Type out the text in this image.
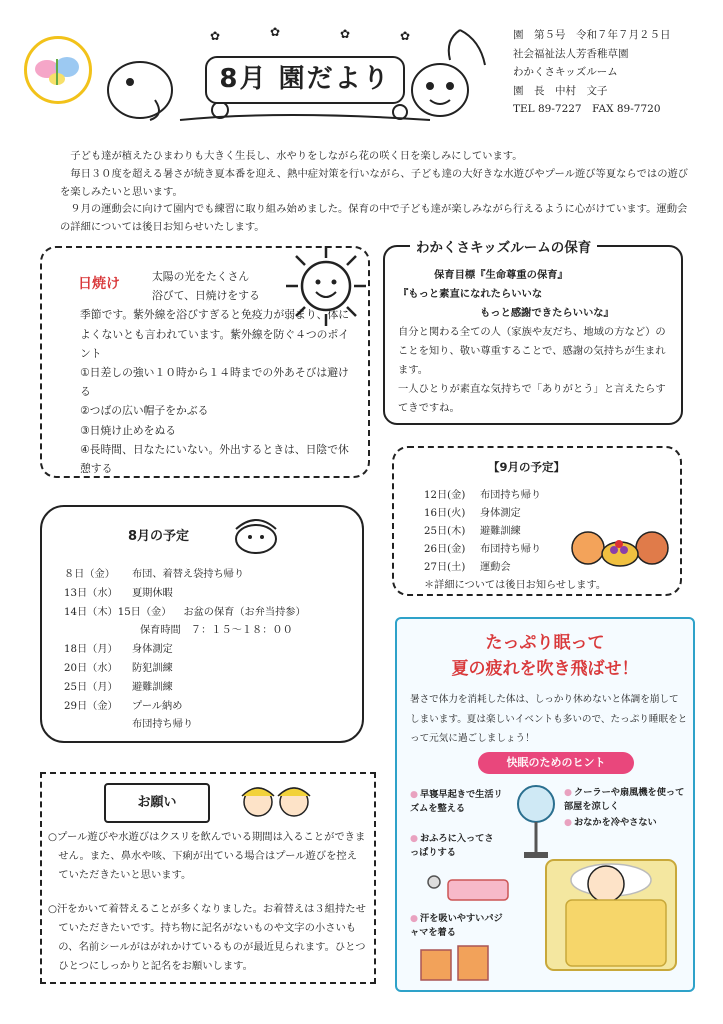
✿	✿	✿	✿
8月 園だより
園　第５号　令和７年７月２５日
社会福祉法人芳香稚草園
わかくさキッズルーム
園　長　中村　文子
TEL 89-7227　FAX 89-7720

子ども達が植えたひまわりも大きく生長し、水やりをしながら花の咲く日を楽しみにしています。

毎日３０度を超える暑さが続き夏本番を迎え、熱中症対策を行いながら、子ども達の大好きな水遊びやプール遊び等夏ならではの遊びを楽しみたいと思います。

９月の運動会に向けて園内でも練習に取り組み始めました。保育の中で子ども達が楽しみながら行えるように心がけています。運動会の詳細については後日お知らせいたします。

日焼け	太陽の光をたくさん
浴びて、日焼けをする
季節です。紫外線を浴びすぎると免疫力が弱まり、体によくないとも言われています。紫外線を防ぐ４つのポイント
①日差しの強い１０時から１４時までの外あそびは避ける
②つばの広い帽子をかぶる
③日焼け止めをぬる
④長時間、日なたにいない。外出するときは、日陰で休憩する
わかくさキッズルームの保育
保育目標『生命尊重の保育』
『もっと素直になれたらいいな
もっと感謝できたらいいな』
自分と関わる全ての人（家族や友だち、地域の方など）のことを知り、敬い尊重することで、感謝の気持ちが生まれます。
一人ひとりが素直な気持ちで「ありがとう」と言えたらすてきですね。
8月の予定
８日（金）	布団、着替え袋持ち帰り
13日（水）	夏期休暇
14日（木）15日（金） お盆の保育（お弁当持参）
保育時間　７：１５～１８：００
18日（月）	身体測定
20日（水）	防犯訓練
25日（月）	避難訓練
29日（金）	プール納め
布団持ち帰り
【9月の予定】
12日(金)	布団持ち帰り
16日(火)	身体測定
25日(木)	避難訓練
26日(金)	布団持ち帰り
27日(土)	運動会
＊詳細については後日お知らせします。
お願い

○プール遊びや水遊びはクスリを飲んでいる期間は入ることができません。また、鼻水や咳、下痢が出ている場合はプール遊びを控えていただきたいと思います。

○汗をかいて着替えることが多くなりました。お着替えは３組持たせていただきたいです。持ち物に記名がないものや文字の小さいもの、名前シールがはがれかけているものが最近見られます。ひとつひとつにしっかりと記名をお願いします。

たっぷり眠って
夏の疲れを吹き飛ばせ！
暑さで体力を消耗した体は、しっかり休めないと体調を崩してしまいます。夏は楽しいイベントも多いので、たっぷり睡眠をとって元気に過ごしましょう！
快眠のためのヒント
● 早寝早起きで生活リズムを整える
● おふろに入ってさっぱりする
● 汗を吸いやすいパジャマを着る
● クーラーや扇風機を使って部屋を涼しく
● おなかを冷やさない
